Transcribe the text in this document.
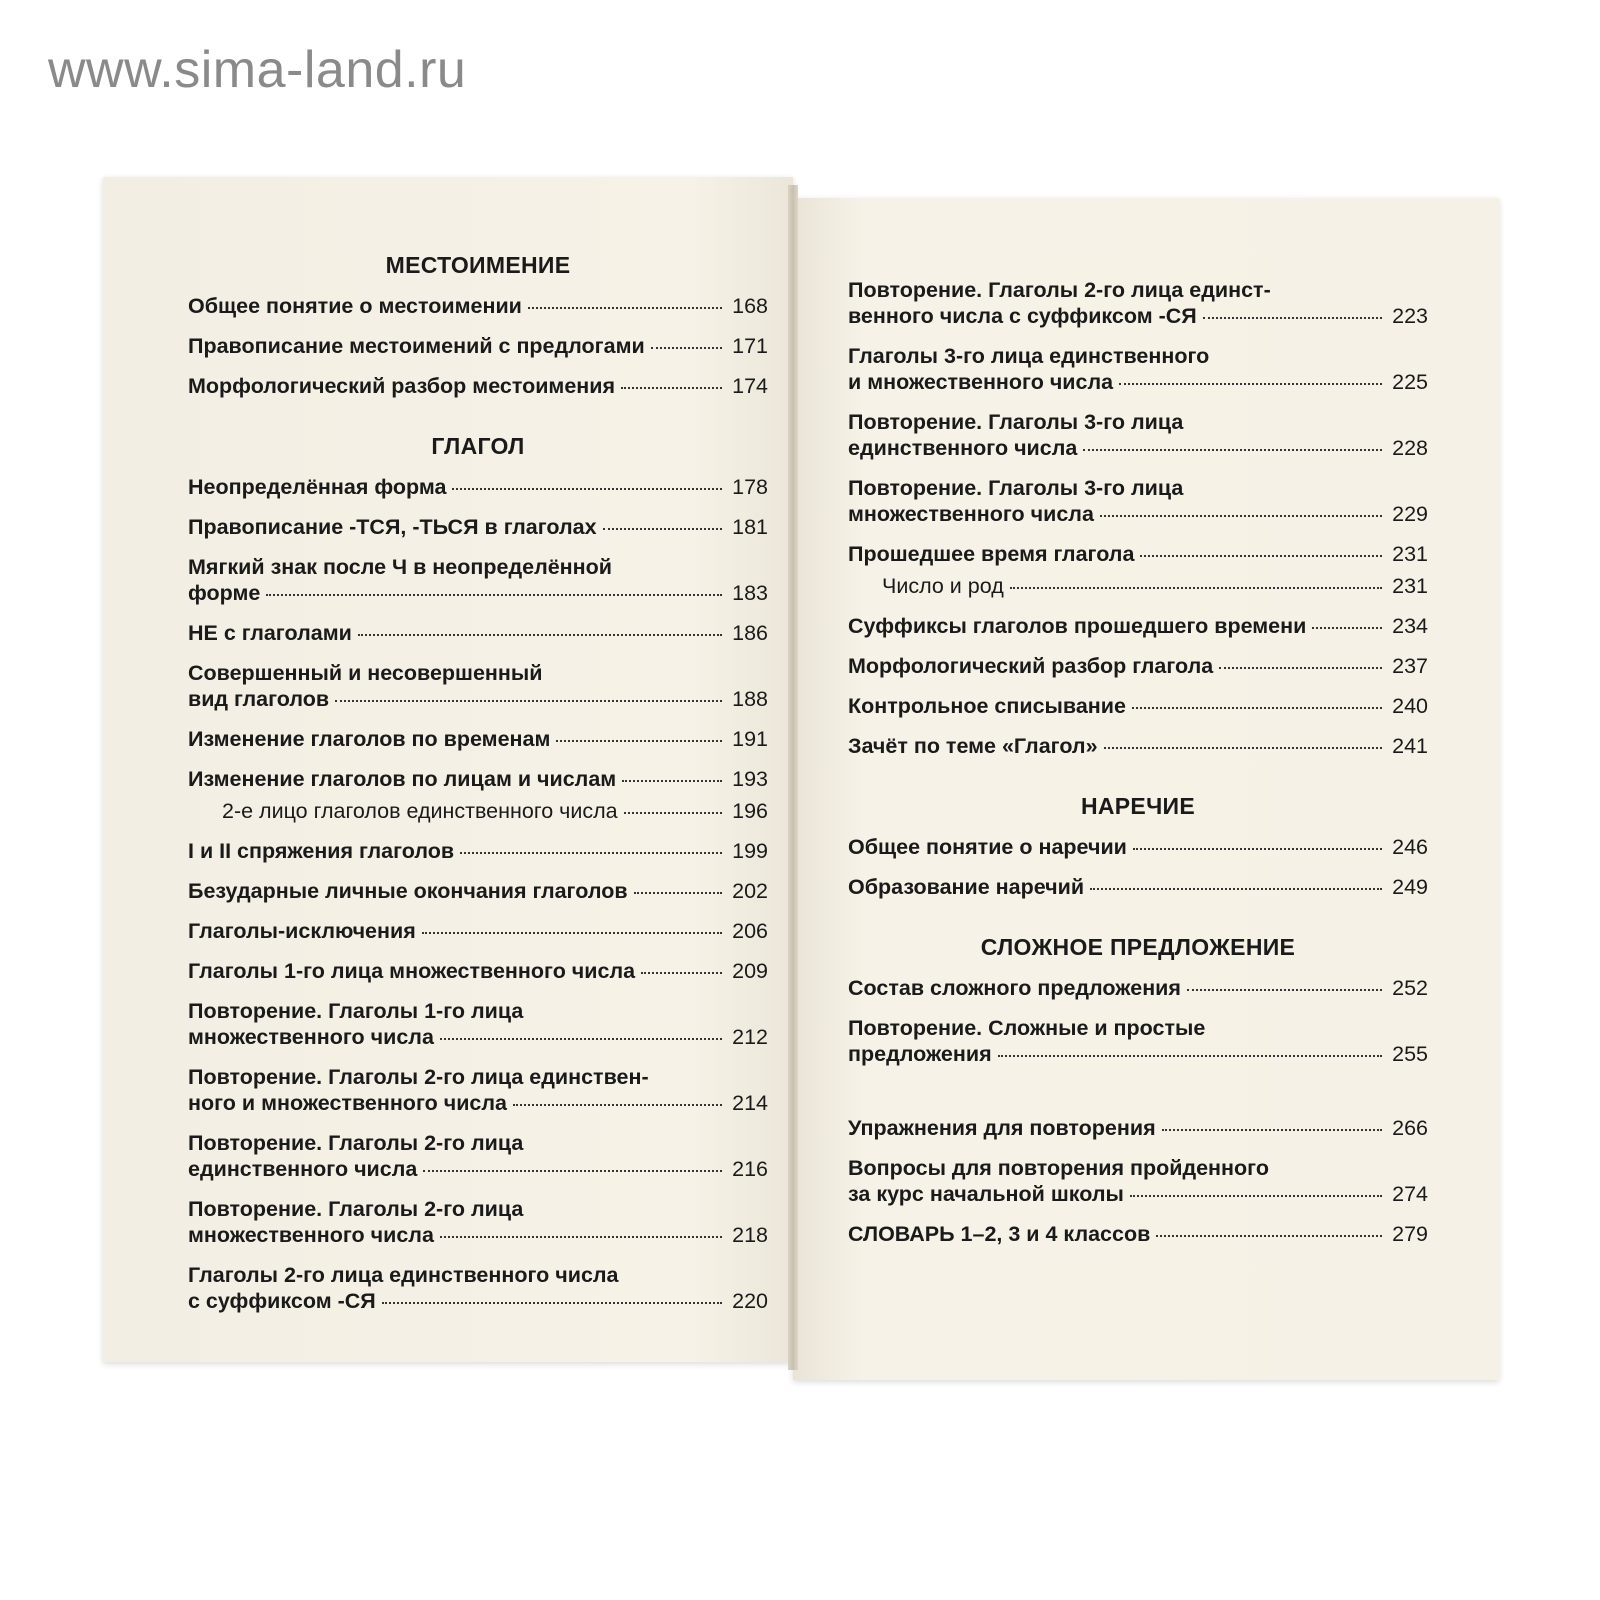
www.sima-land.ru
МЕСТОИМЕНИЕ
Общее понятие о местоимении	168
Правописание местоимений с предлогами	171
Морфологический разбор местоимения	174
ГЛАГОЛ
Неопределённая форма	178
Правописание -ТСЯ, -ТЬСЯ в глаголах	181
Мягкий знак после Ч в неопределённой
форме	183
НЕ с глаголами	186
Совершенный и несовершенный
вид глаголов	188
Изменение глаголов по временам	191
Изменение глаголов по лицам и числам	193
2-е лицо глаголов единственного числа	196
I и II спряжения глаголов	199
Безударные личные окончания глаголов	202
Глаголы-исключения	206
Глаголы 1-го лица множественного числа	209
Повторение. Глаголы 1-го лица
множественного числа	212
Повторение. Глаголы 2-го лица единствен-
ного и множественного числа	214
Повторение. Глаголы 2-го лица
единственного числа	216
Повторение. Глаголы 2-го лица
множественного числа	218
Глаголы 2-го лица единственного числа
с суффиксом -СЯ	220
Повторение. Глаголы 2-го лица единст-
венного числа с суффиксом -СЯ	223
Глаголы 3-го лица единственного
и множественного числа	225
Повторение. Глаголы 3-го лица
единственного числа	228
Повторение. Глаголы 3-го лица
множественного числа	229
Прошедшее время глагола	231
Число и род	231
Суффиксы глаголов прошедшего времени	234
Морфологический разбор глагола	237
Контрольное списывание	240
Зачёт по теме «Глагол»	241
НАРЕЧИЕ
Общее понятие о наречии	246
Образование наречий	249
СЛОЖНОЕ ПРЕДЛОЖЕНИЕ
Состав сложного предложения	252
Повторение. Сложные и простые
предложения	255
Упражнения для повторения	266
Вопросы для повторения пройденного
за курс начальной школы	274
СЛОВАРЬ 1–2, 3 и 4 классов	279
